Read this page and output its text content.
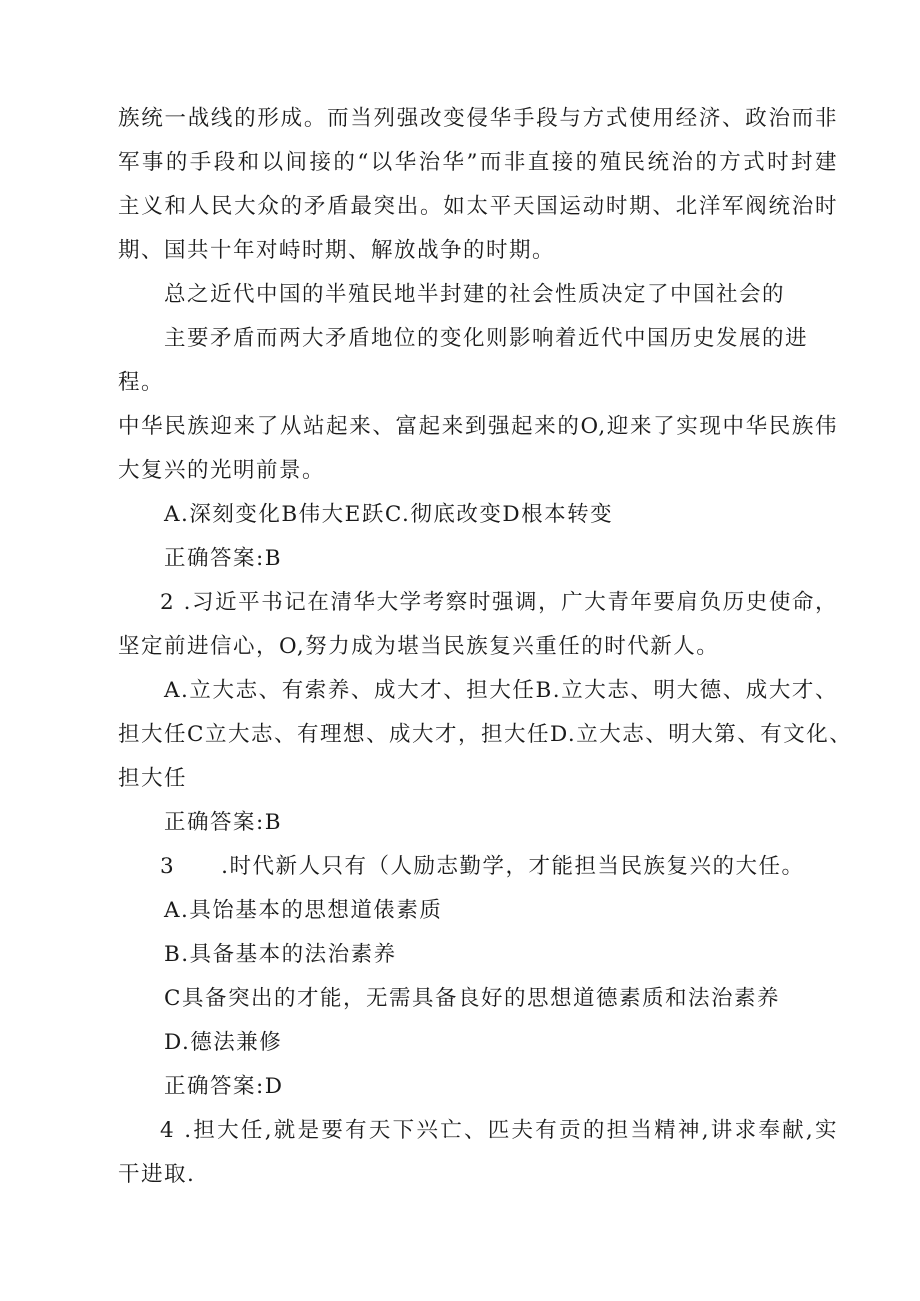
族统一战线的形成。而当列强改变侵华手段与方式使用经济、政治而非
军事的手段和以间接的“以华治华”而非直接的殖民统治的方式时封建
主义和人民大众的矛盾最突出。如太平天国运动时期、北洋军阀统治时
期、国共十年对峙时期、解放战争的时期。
总之近代中国的半殖民地半封建的社会性质决定了中国社会的
主要矛盾而两大矛盾地位的变化则影响着近代中国历史发展的进
程。
中华民族迎来了从站起来、富起来到强起来的O,迎来了实现中华民族伟
大复兴的光明前景。
A.深刻变化B伟大E跃C.彻底改变D根本转变
正确答案:B
2 .习近平书记在清华大学考察时强调，广大青年要肩负历史使命，
坚定前进信心，O,努力成为堪当民族复兴重任的时代新人。
A.立大志、有索养、成大才、担大任B.立大志、明大德、成大才、
担大任C立大志、有理想、成大才，担大任D.立大志、明大第、有文化、
担大任
正确答案:B
3　　.时代新人只有（人励志勤学，才能担当民族复兴的大任。
A.具饴基本的思想道俵素质
B.具备基本的法治素养
C具备突出的才能，无需具备良好的思想道德素质和法治素养
D.德法兼修
正确答案:D
4 .担大任,就是要有天下兴亡、匹夫有贡的担当精神,讲求奉献,实
干进取.
